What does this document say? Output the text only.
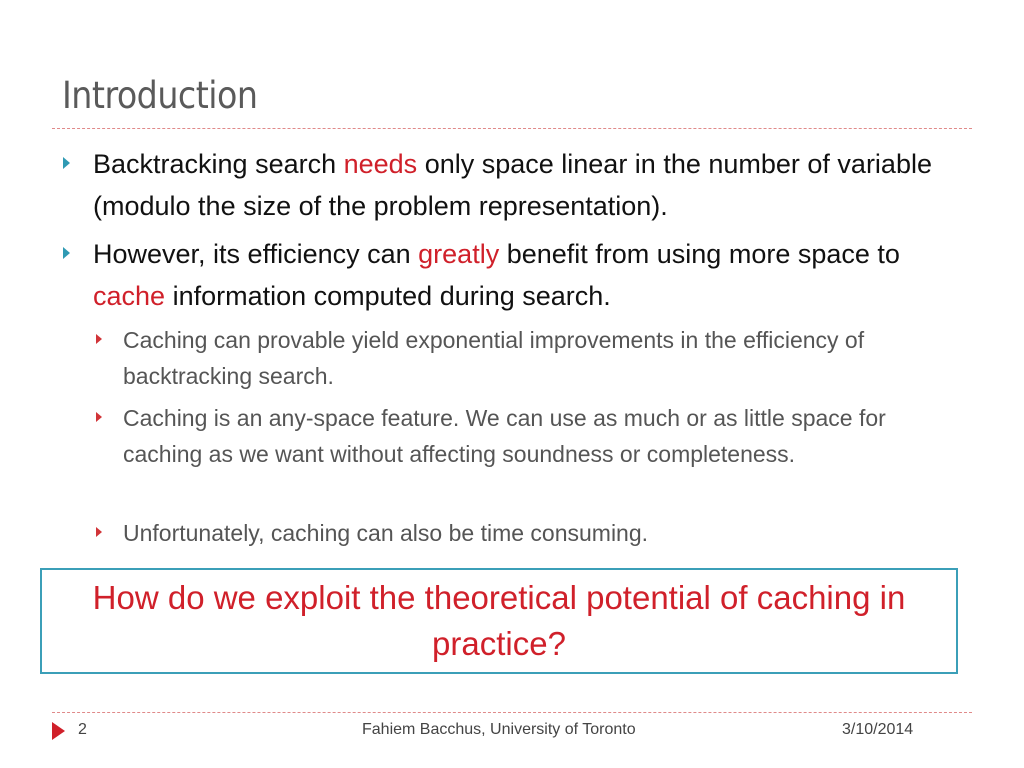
Introduction
Backtracking search needs only space linear in the number of variable (modulo the size of the problem representation).
However, its efficiency can greatly benefit from using more space to cache information computed during search.
Caching can provable yield exponential improvements in the efficiency of backtracking search.
Caching is an any-space feature. We can use as much or as little space for caching as we want without affecting soundness or completeness.
Unfortunately, caching can also be time consuming.
How do we exploit the theoretical potential of caching in practice?
2	Fahiem Bacchus, University of Toronto	3/10/2014
